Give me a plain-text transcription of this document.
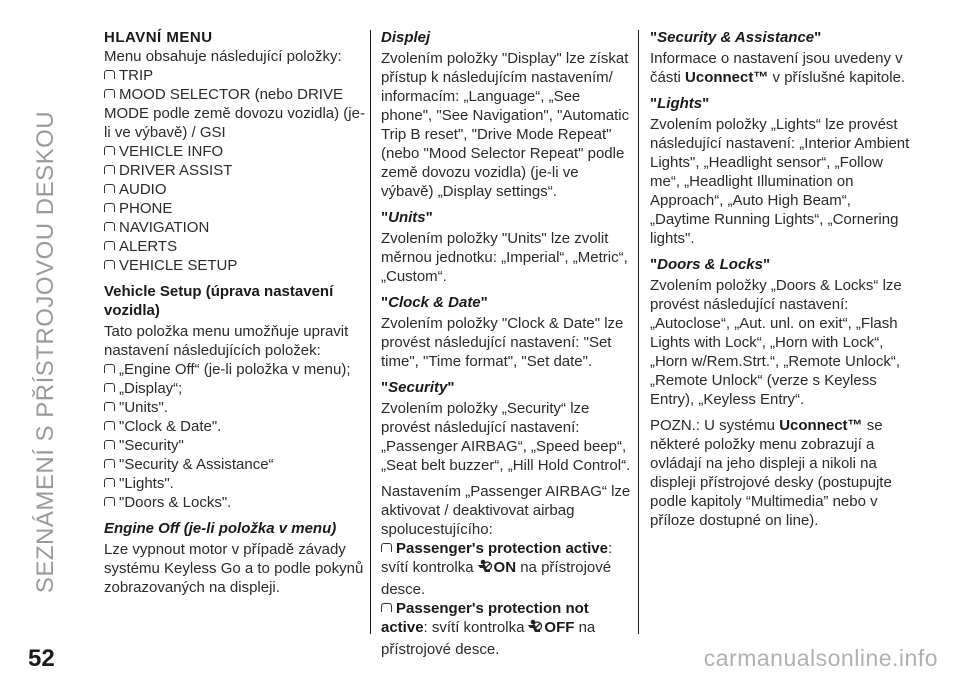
SEZNÁMENÍ S PŘÍSTROJOVOU DESKOU
52	carmanualsonline.info
HLAVNÍ MENU
Menu obsahuje následující položky:
TRIP
MOOD SELECTOR (nebo DRIVE MODE podle země dovozu vozidla) (je-li ve výbavě) / GSI
VEHICLE INFO
DRIVER ASSIST
AUDIO
PHONE
NAVIGATION
ALERTS
VEHICLE SETUP
Vehicle Setup (úprava nastavení vozidla)
Tato položka menu umožňuje upravit nastavení následujících položek:
„Engine Off“ (je-li položka v menu);
„Display“;
"Units".
"Clock & Date".
"Security"
"Security & Assistance“
"Lights".
"Doors & Locks".
Engine Off (je-li položka v menu)

Lze vypnout motor v případě závady systému Keyless Go a to podle pokynů zobrazovaných na displeji.

Displej

Zvolením položky "Display" lze získat přístup k následujícím nastavením/ informacím: „Language“, „See phone", "See Navigation", "Automatic Trip B reset", "Drive Mode Repeat" (nebo "Mood Selector Repeat" podle země dovozu vozidla) (je-li ve výbavě) „Display settings“.

"Units"

Zvolením položky "Units" lze zvolit měrnou jednotku: „Imperial“, „Metric“, „Custom“.

"Clock & Date"

Zvolením položky "Clock & Date" lze provést následující nastavení: "Set time", "Time format", "Set date".

"Security"

Zvolením položky „Security“ lze provést následující nastavení: „Passenger AIRBAG“, „Speed beep“, „Seat belt buzzer“, „Hill Hold Control“.

Nastavením „Passenger AIRBAG“ lze aktivovat / deaktivovat airbag spolucestujícího:

Passenger's protection active: svítí kontrolka ON na přístrojové desce.
Passenger's protection not active: svítí kontrolka OFF na přístrojové desce.
"Security & Assistance"

Informace o nastavení jsou uvedeny v části Uconnect™ v příslušné kapitole.

"Lights"

Zvolením položky „Lights“ lze provést následující nastavení: „Interior Ambient Lights", „Headlight sensor“, „Follow me“, „Headlight Illumination on Approach“, „Auto High Beam“, „Daytime Running Lights“, „Cornering lights".

"Doors & Locks"

Zvolením položky „Doors & Locks“ lze provést následující nastavení: „Autoclose“, „Aut. unl. on exit“, „Flash Lights with Lock“, „Horn with Lock“, „Horn w/Rem.Strt.“, „Remote Unlock“, „Remote Unlock“ (verze s Keyless Entry), „Keyless Entry“.

POZN.: U systému Uconnect™ se některé položky menu zobrazují a ovládají na jeho displeji a nikoli na displeji přístrojové desky (postupujte podle kapitoly “Multimedia” nebo v příloze dostupné on line).
